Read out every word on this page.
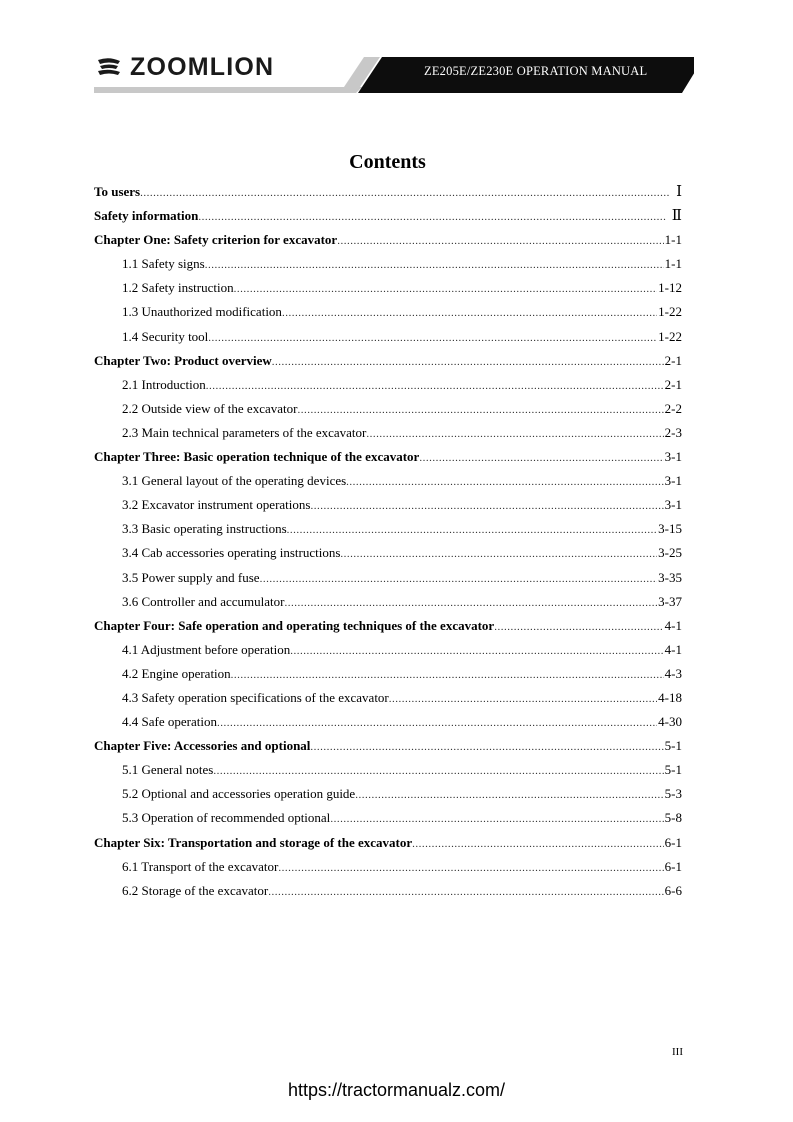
ZOOMLION	ZE205E/ZE230E OPERATION MANUAL
Contents
To users .....	Ⅰ
Safety information .....	Ⅱ
Chapter One: Safety criterion for excavator .....	1-1
1.1 Safety signs .....	1-1
1.2 Safety instruction .....	1-12
1.3 Unauthorized modification .....	1-22
1.4 Security tool .....	1-22
Chapter Two: Product overview .....	2-1
2.1 Introduction .....	2-1
2.2 Outside view of the excavator .....	2-2
2.3 Main technical parameters of the excavator .....	2-3
Chapter Three: Basic operation technique of the excavator .....	3-1
3.1 General layout of the operating devices .....	3-1
3.2 Excavator instrument operations .....	3-1
3.3 Basic operating instructions .....	3-15
3.4 Cab accessories operating instructions .....	3-25
3.5 Power supply and fuse .....	3-35
3.6 Controller and accumulator .....	3-37
Chapter Four: Safe operation and operating techniques of the excavator .....	4-1
4.1 Adjustment before operation .....	4-1
4.2 Engine operation .....	4-3
4.3 Safety operation specifications of the excavator .....	4-18
4.4 Safe operation .....	4-30
Chapter Five: Accessories and optional .....	5-1
5.1 General notes .....	5-1
5.2 Optional and accessories operation guide .....	5-3
5.3 Operation of recommended optional .....	5-8
Chapter Six: Transportation and storage of the excavator .....	6-1
6.1 Transport of the excavator .....	6-1
6.2 Storage of the excavator .....	6-6
III
https://tractormanualz.com/
